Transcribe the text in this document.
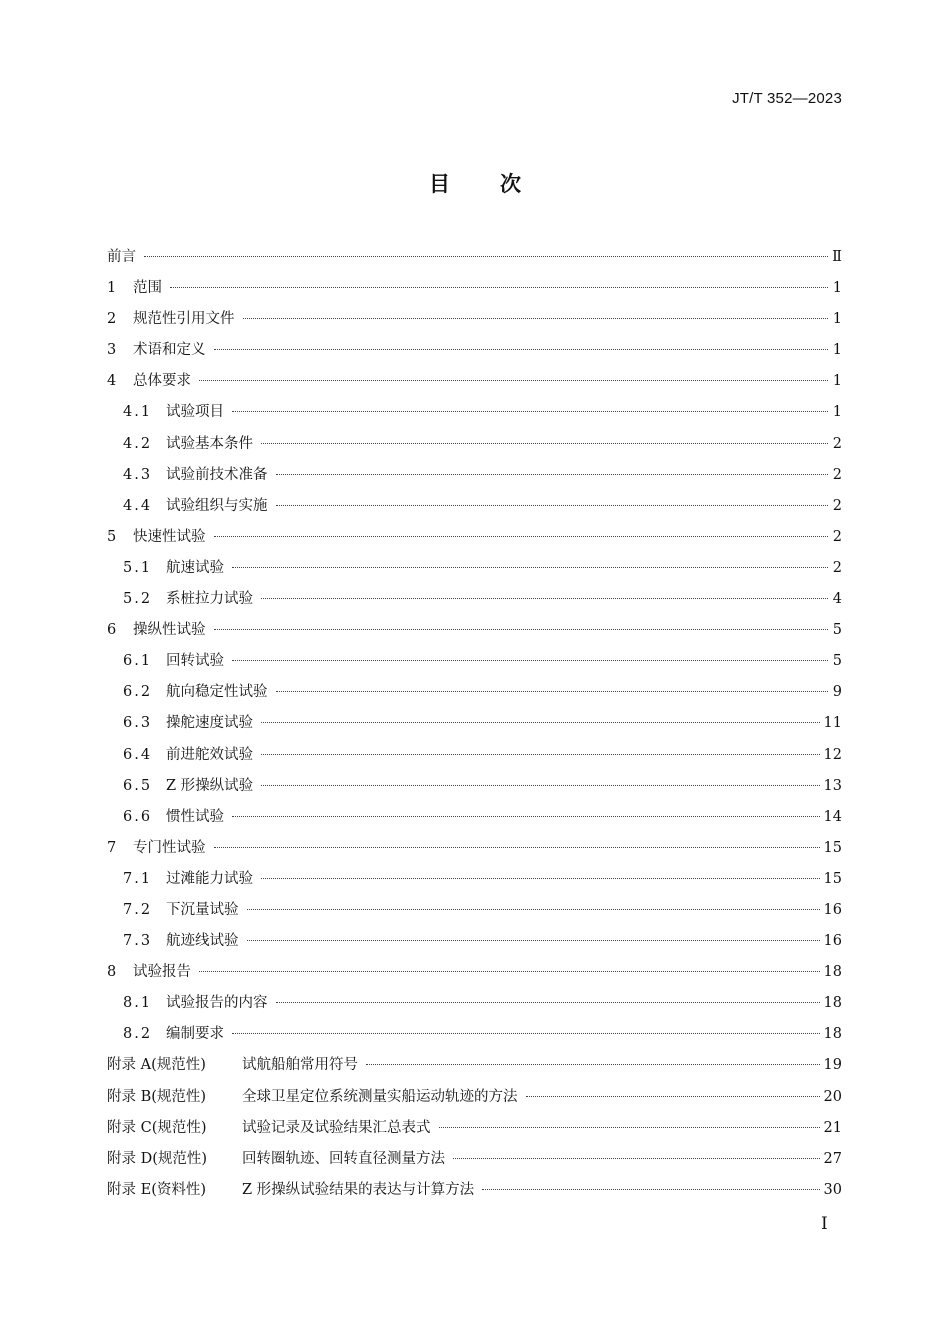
JT/T 352—2023
目次
前言	Ⅱ
1	范围	1
2	规范性引用文件	1
3	术语和定义	1
4	总体要求	1
4.1 试验项目	1
4.2 试验基本条件	2
4.3 试验前技术准备	2
4.4 试验组织与实施	2
5	快速性试验	2
5.1 航速试验	2
5.2 系桩拉力试验	4
6	操纵性试验	5
6.1 回转试验	5
6.2 航向稳定性试验	9
6.3 操舵速度试验	11
6.4 前进舵效试验	12
6.5 Z 形操纵试验	13
6.6 惯性试验	14
7	专门性试验	15
7.1 过滩能力试验	15
7.2 下沉量试验	16
7.3 航迹线试验	16
8	试验报告	18
8.1 试验报告的内容	18
8.2 编制要求	18
附录 A(规范性)	试航船舶常用符号	19
附录 B(规范性)	全球卫星定位系统测量实船运动轨迹的方法	20
附录 C(规范性)	试验记录及试验结果汇总表式	21
附录 D(规范性)	回转圈轨迹、回转直径测量方法	27
附录 E(资料性)	Z 形操纵试验结果的表达与计算方法	30
Ⅰ
